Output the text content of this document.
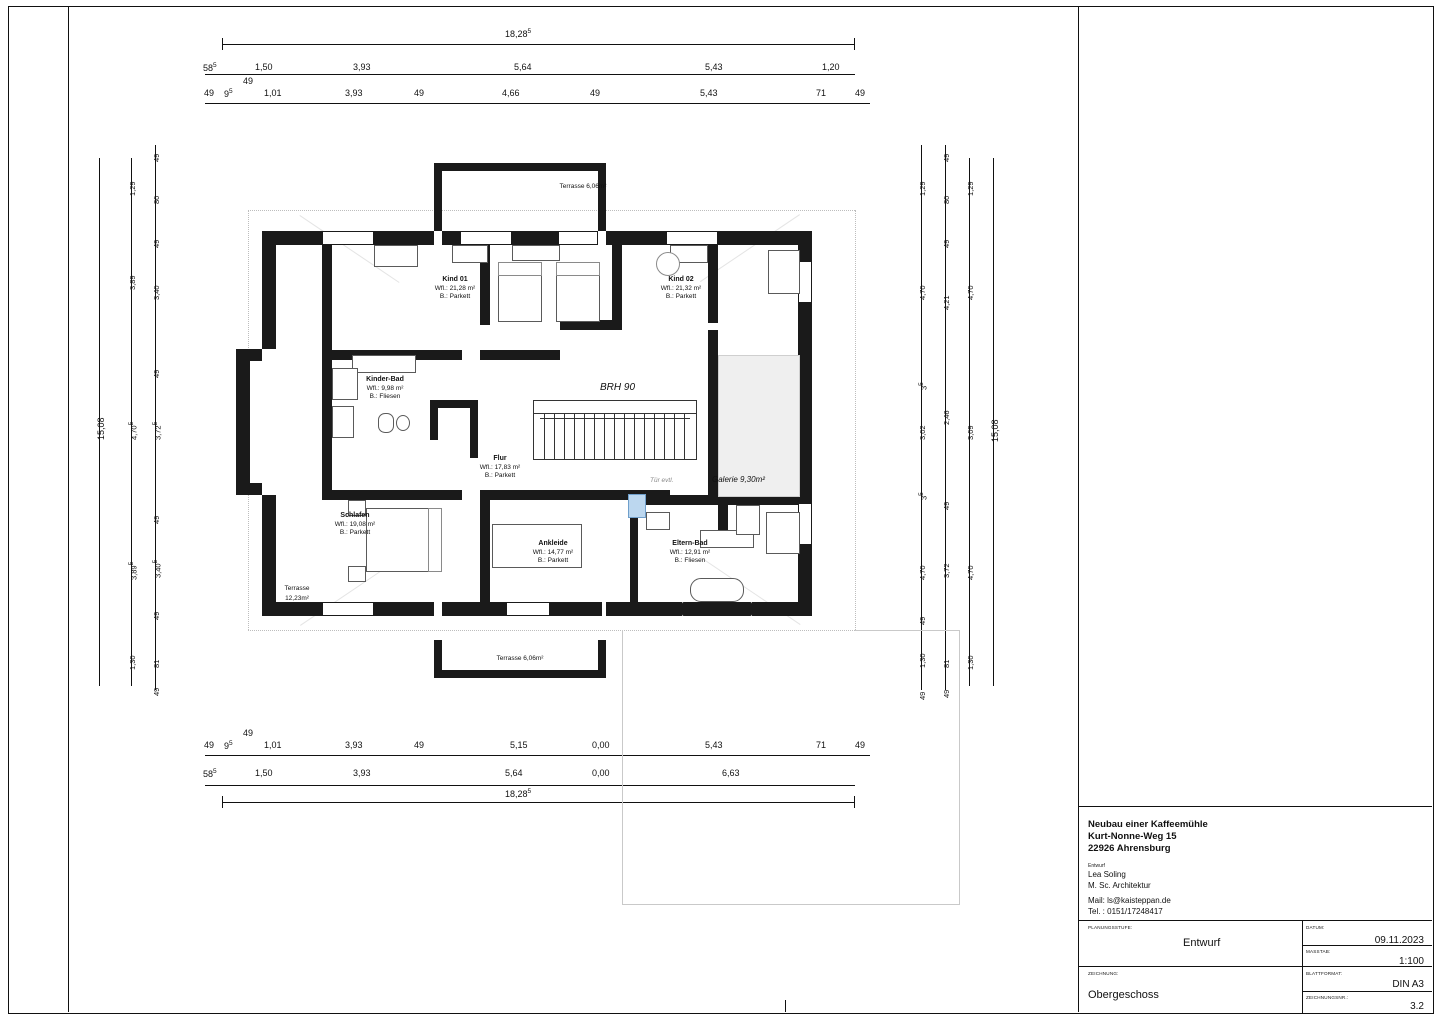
18,28$^5$
$58^5$	1,50	3,93	5,64	5,43	1,20
49
49 $9^5$	1,01	3,93	49	4,66	49	5,43	71	49
15,08
1,29
3,89
4,705
3,895
1,30
49
80
49
3,40
49
3,725
49
3,405
49
81
49
1,29
4,70
35
3,02
35
4,70
49
1,30
49
49
80
49
4,21
2,46
49
3,72
81
49
1,29
4,70
3,09
4,70
1,30
15,08
49 $9^5$	1,01	3,93	49	5,15	0,00	5,43	71	49
49
$58^5$	1,50	3,93	5,64	0,00	6,63
18,28$^5$
Terrasse 6,06m²
Terrasse 6,06m²
Terrasse
12,23m²
Galerie 9,30m²
BRH 90
Tür evtl.
Kind 01
Wfl.: 21,28 m²
B.: Parkett
Kind 02
Wfl.: 21,32 m²
B.: Parkett
Kinder-Bad
Wfl.: 9,98 m²
B.: Fliesen
Flur
Wfl.: 17,83 m²
B.: Parkett
Schlafen
Wfl.: 19,08 m²
B.: Parkett
Ankleide
Wfl.: 14,77 m²
B.: Parkett
Eltern-Bad
Wfl.: 12,91 m²
B.: Fliesen
Neubau einer Kaffeemühle
Kurt-Nonne-Weg 15
22926 Ahrensburg
Entwurf
Lea Soling
M. Sc. Architektur
Mail: ls@kaisteppan.de
Tel. : 0151/17248417
PLANUNGSSTUFE:
Entwurf
DATUM:
09.11.2023
MASSTAB:
1:100
ZEICHNUNG:
Obergeschoss
BLATTFORMAT:
DIN A3
ZEICHNUNGSNR.:
3.2
